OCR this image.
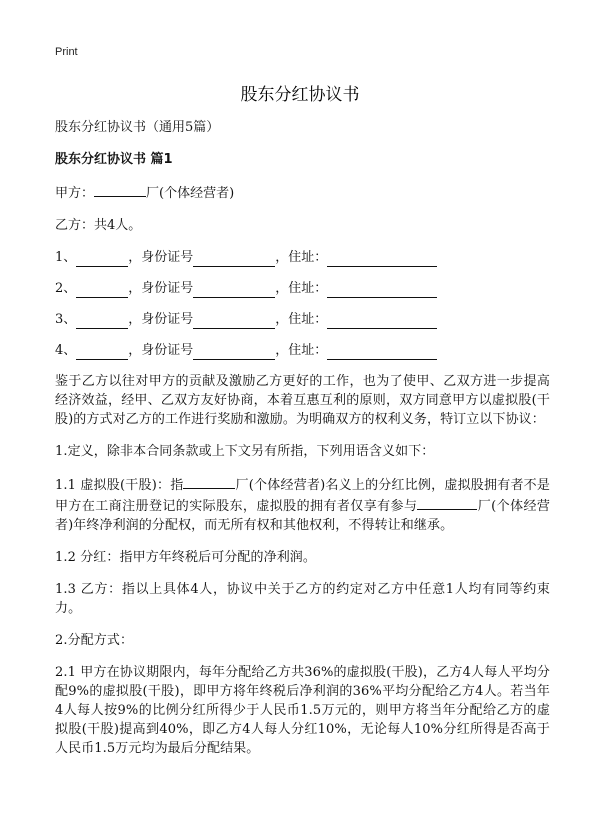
Print
股东分红协议书

股东分红协议书（通用5篇）

股东分红协议书 篇1

甲方：	厂(个体经营者)

乙方：共4人。

1、	，身份证号	，住址：
2、	，身份证号	，住址：
3、	，身份证号	，住址：
4、	，身份证号	，住址：

鉴于乙方以往对甲方的贡献及激励乙方更好的工作，也为了使甲、乙双方进一步提高经济效益，经甲、乙双方友好协商，本着互惠互利的原则，双方同意甲方以虚拟股(干股)的方式对乙方的工作进行奖励和激励。为明确双方的权利义务，特订立以下协议：

1.定义，除非本合同条款或上下文另有所指，下列用语含义如下：

1.1 虚拟股(干股)：指	厂(个体经营者)名义上的分红比例，虚拟股拥有者不是甲方在工商注册登记的实际股东，虚拟股的拥有者仅享有参与	厂(个体经营者)年终净利润的分配权，而无所有权和其他权利，不得转让和继承。

1.2 分红：指甲方年终税后可分配的净利润。

1.3 乙方：指以上具体4人，协议中关于乙方的约定对乙方中任意1人均有同等约束力。

2.分配方式：

2.1 甲方在协议期限内，每年分配给乙方共36%的虚拟股(干股)，乙方4人每人平均分配9%的虚拟股(干股)，即甲方将年终税后净利润的36%平均分配给乙方4人。若当年4人每人按9%的比例分红所得少于人民币1.5万元的，则甲方将当年分配给乙方的虚拟股(干股)提高到40%，即乙方4人每人分红10%，无论每人10%分红所得是否高于人民币1.5万元均为最后分配结果。
